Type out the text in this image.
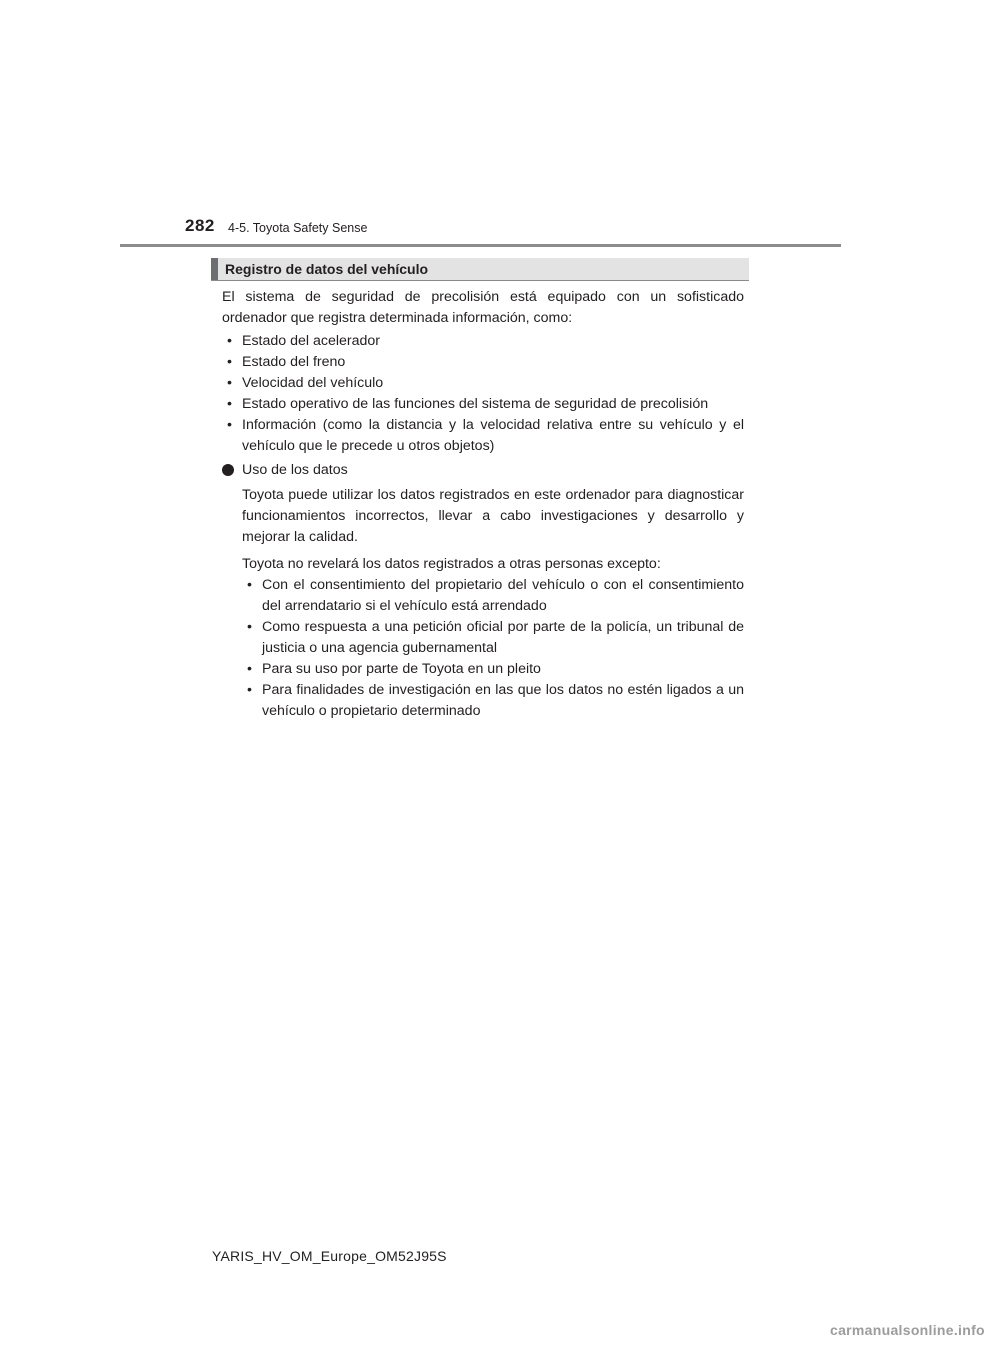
282 4-5. Toyota Safety Sense
Registro de datos del vehículo

El sistema de seguridad de precolisión está equipado con un sofisticado ordenador que registra determinada información, como:

• Estado del acelerador
• Estado del freno
• Velocidad del vehículo
• Estado operativo de las funciones del sistema de seguridad de precolisión
• Información (como la distancia y la velocidad relativa entre su vehículo y el vehículo que le precede u otros objetos)
Uso de los datos

Toyota puede utilizar los datos registrados en este ordenador para diagnosticar funcionamientos incorrectos, llevar a cabo investigaciones y desarrollo y mejorar la calidad.

Toyota no revelará los datos registrados a otras personas excepto:

• Con el consentimiento del propietario del vehículo o con el consentimiento del arrendatario si el vehículo está arrendado
• Como respuesta a una petición oficial por parte de la policía, un tribunal de justicia o una agencia gubernamental
• Para su uso por parte de Toyota en un pleito
• Para finalidades de investigación en las que los datos no estén ligados a un vehículo o propietario determinado
YARIS_HV_OM_Europe_OM52J95S
carmanualsonline.info
